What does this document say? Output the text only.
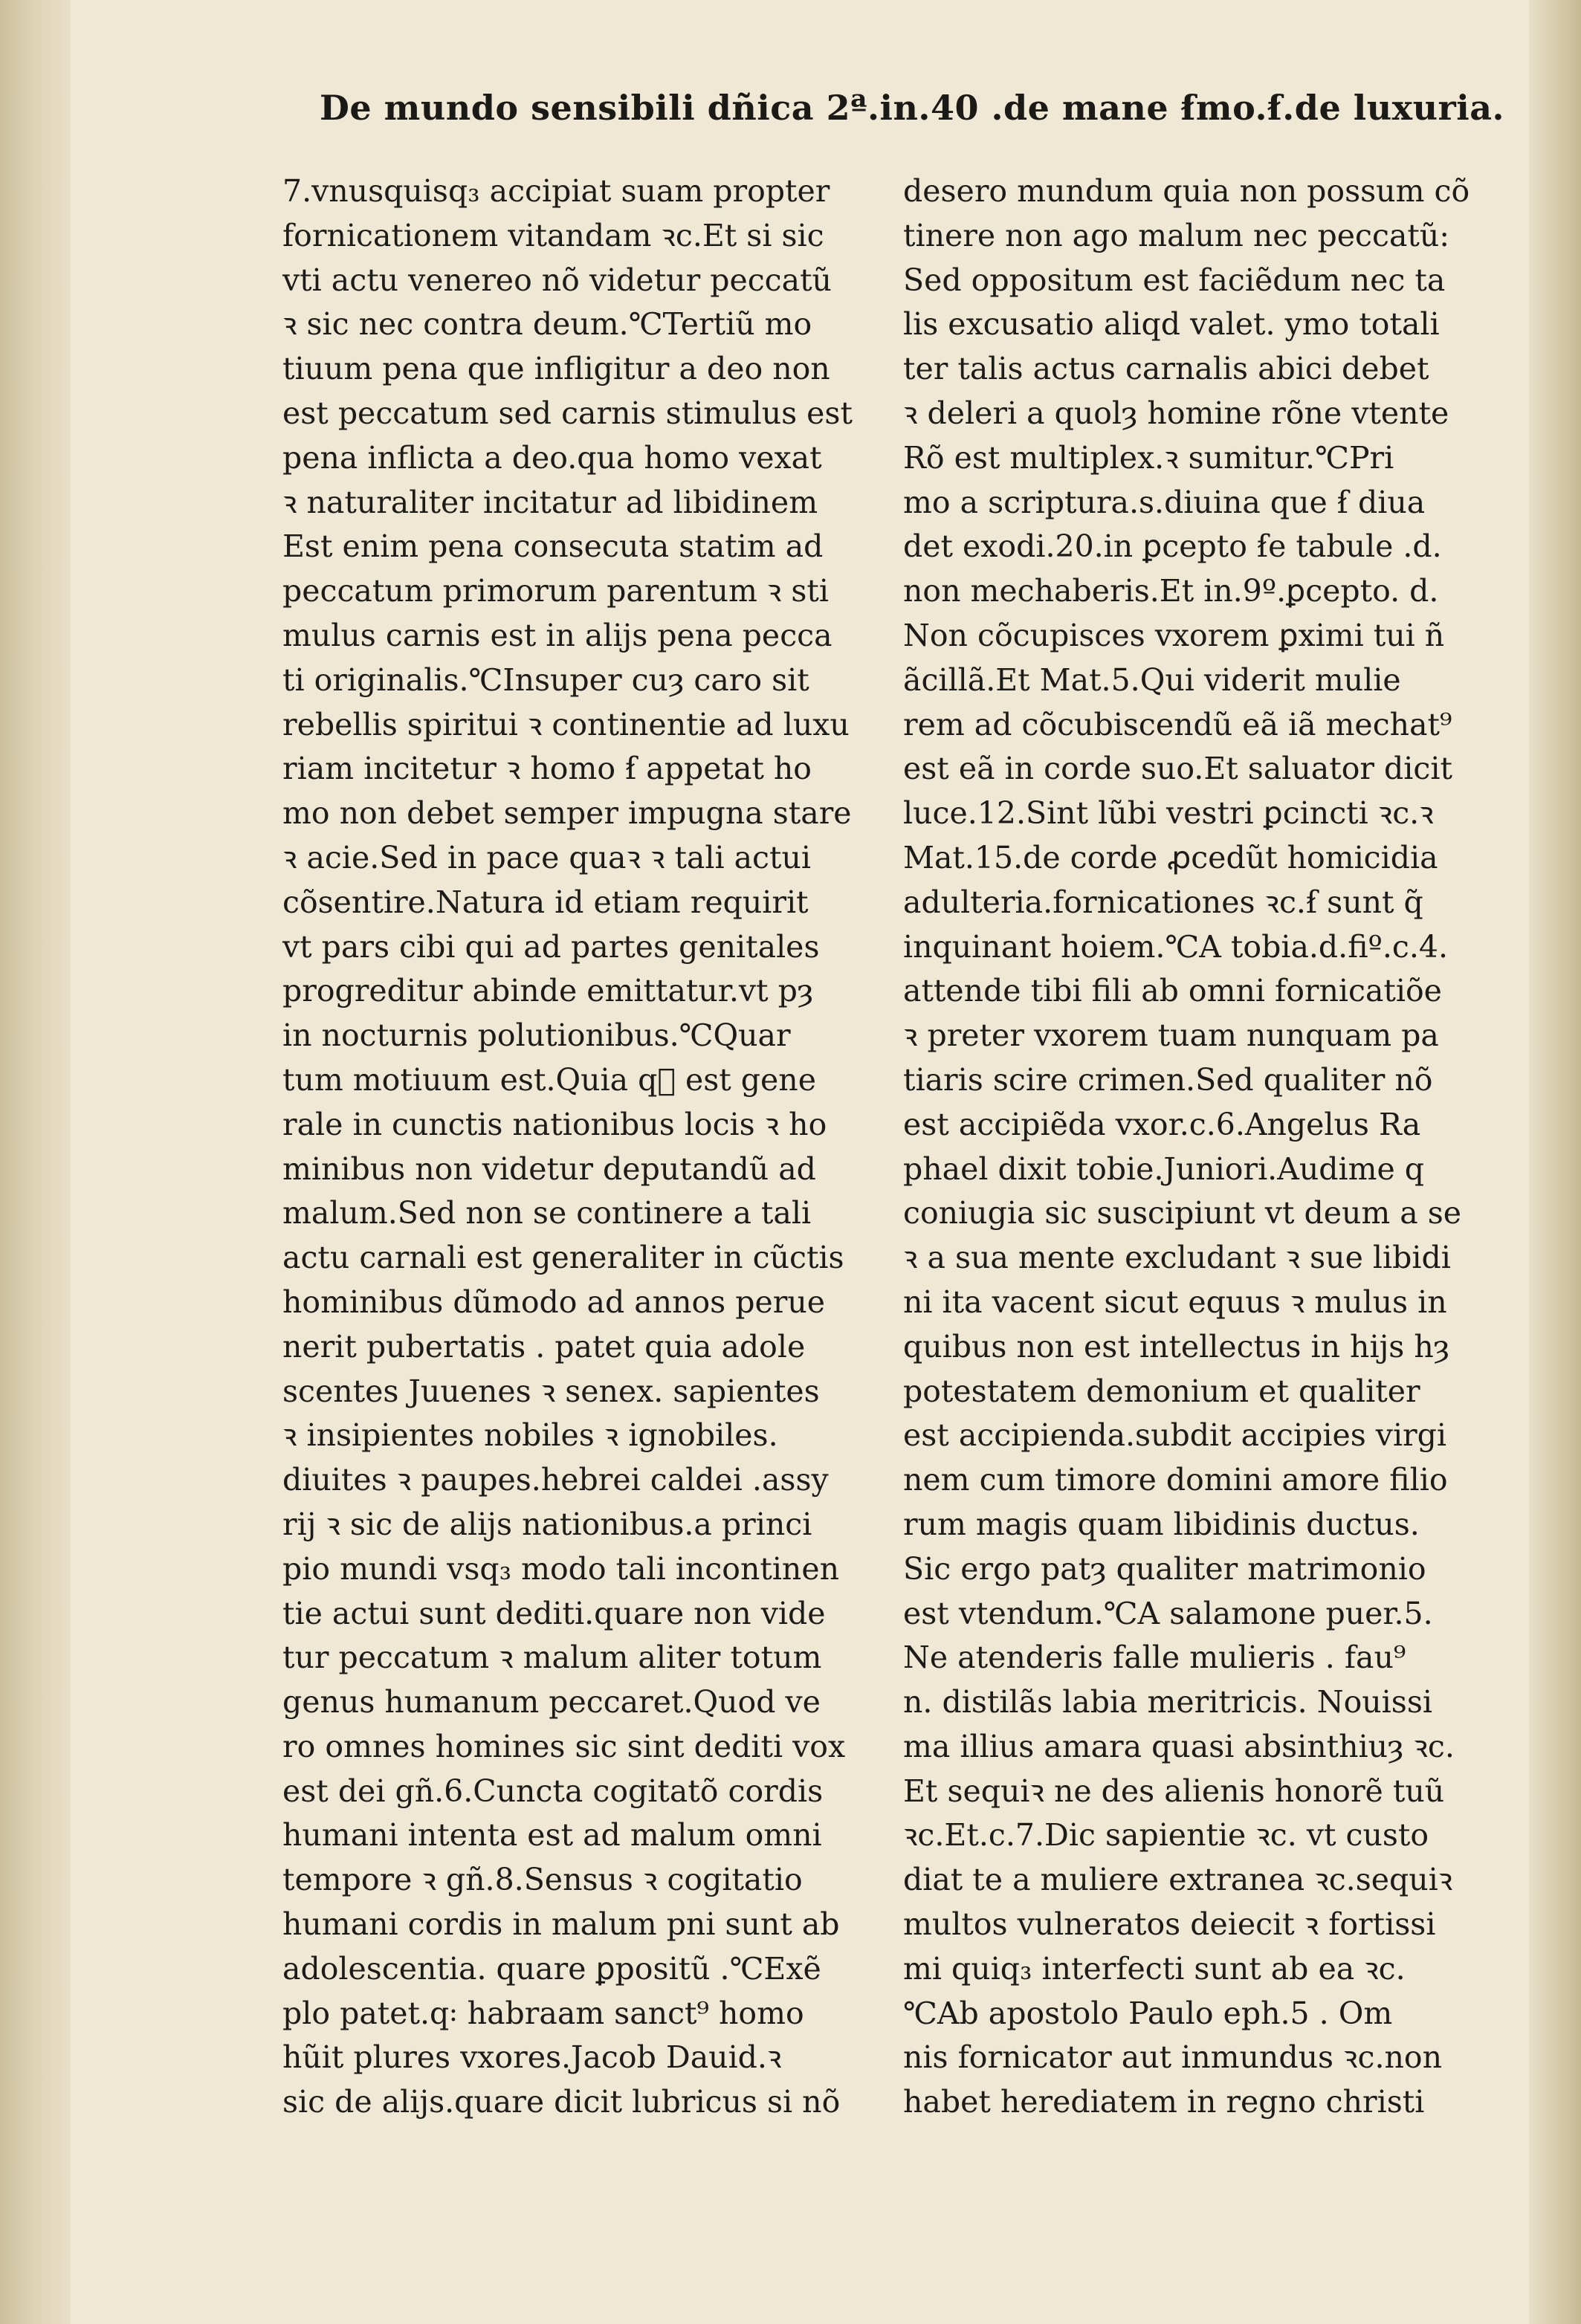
De mundo sensibili dñica 2ª.in.40 .de mane ẜmo.ẜ.de luxuria.
7.vnusquisq₃ accipiat suam propter
fornicationem vitandam ꝛc.Et si sic
vti actu venereo nõ videtur peccatũ
ꝛ sic nec contra deum.℃Tertiũ mo
tiuum pena que infligitur a deo non
est peccatum sed carnis stimulus est
pena inflicta a deo.qua homo vexat
ꝛ naturaliter incitatur ad libidinem
Est enim pena consecuta statim ad
peccatum primorum parentum ꝛ sti
mulus carnis est in alijs pena pecca
ti originalis.℃Insuper cuȝ caro sit
rebellis spiritui ꝛ continentie ad luxu
riam incitetur ꝛ homo ẜ appetat ho
mo non debet semper impugna stare
ꝛ acie.Sed in pace quaꝛ ꝛ tali actui
cõsentire.Natura id etiam requirit
vt pars cibi qui ad partes genitales
progreditur abinde emittatur.vt pȝ
in nocturnis polutionibus.℃Quar
tum motiuum est.Quia q᷑ est gene
rale in cunctis nationibus locis ꝛ ho
minibus non videtur deputandũ ad
malum.Sed non se continere a tali
actu carnali est generaliter in cũctis
hominibus dũmodo ad annos perue
nerit pubertatis . patet quia adole
scentes Juuenes ꝛ senex. sapientes
ꝛ insipientes nobiles ꝛ ignobiles.
diuites ꝛ paupes.hebrei caldei .assy
rij ꝛ sic de alijs nationibus.a princi
pio mundi vsq₃ modo tali incontinen
tie actui sunt dediti.quare non vide
tur peccatum ꝛ malum aliter totum
genus humanum peccaret.Quod ve
ro omnes homines sic sint dediti vox
est dei gñ.6.Cuncta cogitatõ cordis
humani intenta est ad malum omni
tempore ꝛ gñ.8.Sensus ꝛ cogitatio
humani cordis in malum pni sunt ab
adolescentia. quare ꝑpositũ .℃Exẽ
plo patet.q꞉ habraam sanct⁹ homo
hũit plures vxores.Jacob Dauid.ꝛ
sic de alijs.quare dicit lubricus si nõ
desero mundum quia non possum cõ
tinere non ago malum nec peccatũ:
Sed oppositum est faciẽdum nec ta
lis excusatio aliqd valet. ymo totali
ter talis actus carnalis abici debet
ꝛ deleri a quolȝ homine rõne vtente
Rõ est multiplex.ꝛ sumitur.℃Pri
mo a scriptura.s.diuina que ẜ diua
det exodi.20.in ꝑcepto ẜe tabule .d.
non mechaberis.Et in.9º.ꝑcepto. d.
Non cõcupisces vxorem ꝑximi tui ñ
ãcillã.Et Mat.5.Qui viderit mulie
rem ad cõcubiscendũ eã iã mechat⁹
est eã in corde suo.Et saluator dicit
luce.12.Sint lũbi vestri ꝑcincti ꝛc.ꝛ
Mat.15.de corde ꝓcedũt homicidia
adulteria.fornicationes ꝛc.ẜ sunt q̃
inquinant hoiem.℃A tobia.d.fiº.c.4.
attende tibi fili ab omni fornicatiõe
ꝛ preter vxorem tuam nunquam pa
tiaris scire crimen.Sed qualiter nõ
est accipiẽda vxor.c.6.Angelus Ra
phael dixit tobie.Juniori.Audime q
coniugia sic suscipiunt vt deum a se
ꝛ a sua mente excludant ꝛ sue libidi
ni ita vacent sicut equus ꝛ mulus in
quibus non est intellectus in hijs hȝ
potestatem demonium et qualiter
est accipienda.subdit accipies virgi
nem cum timore domini amore filio
rum magis quam libidinis ductus.
Sic ergo patȝ qualiter matrimonio
est vtendum.℃A salamone puer.5.
Ne atenderis falle mulieris . fau⁹
n. distilãs labia meritricis. Nouissi
ma illius amara quasi absinthiuȝ ꝛc.
Et sequiꝛ ne des alienis honorẽ tuũ
ꝛc.Et.c.7.Dic sapientie ꝛc. vt custo
diat te a muliere extranea ꝛc.sequiꝛ
multos vulneratos deiecit ꝛ fortissi
mi quiq₃ interfecti sunt ab ea ꝛc.
℃Ab apostolo Paulo eph.5 . Om
nis fornicator aut inmundus ꝛc.non
habet herediatem in regno christi
